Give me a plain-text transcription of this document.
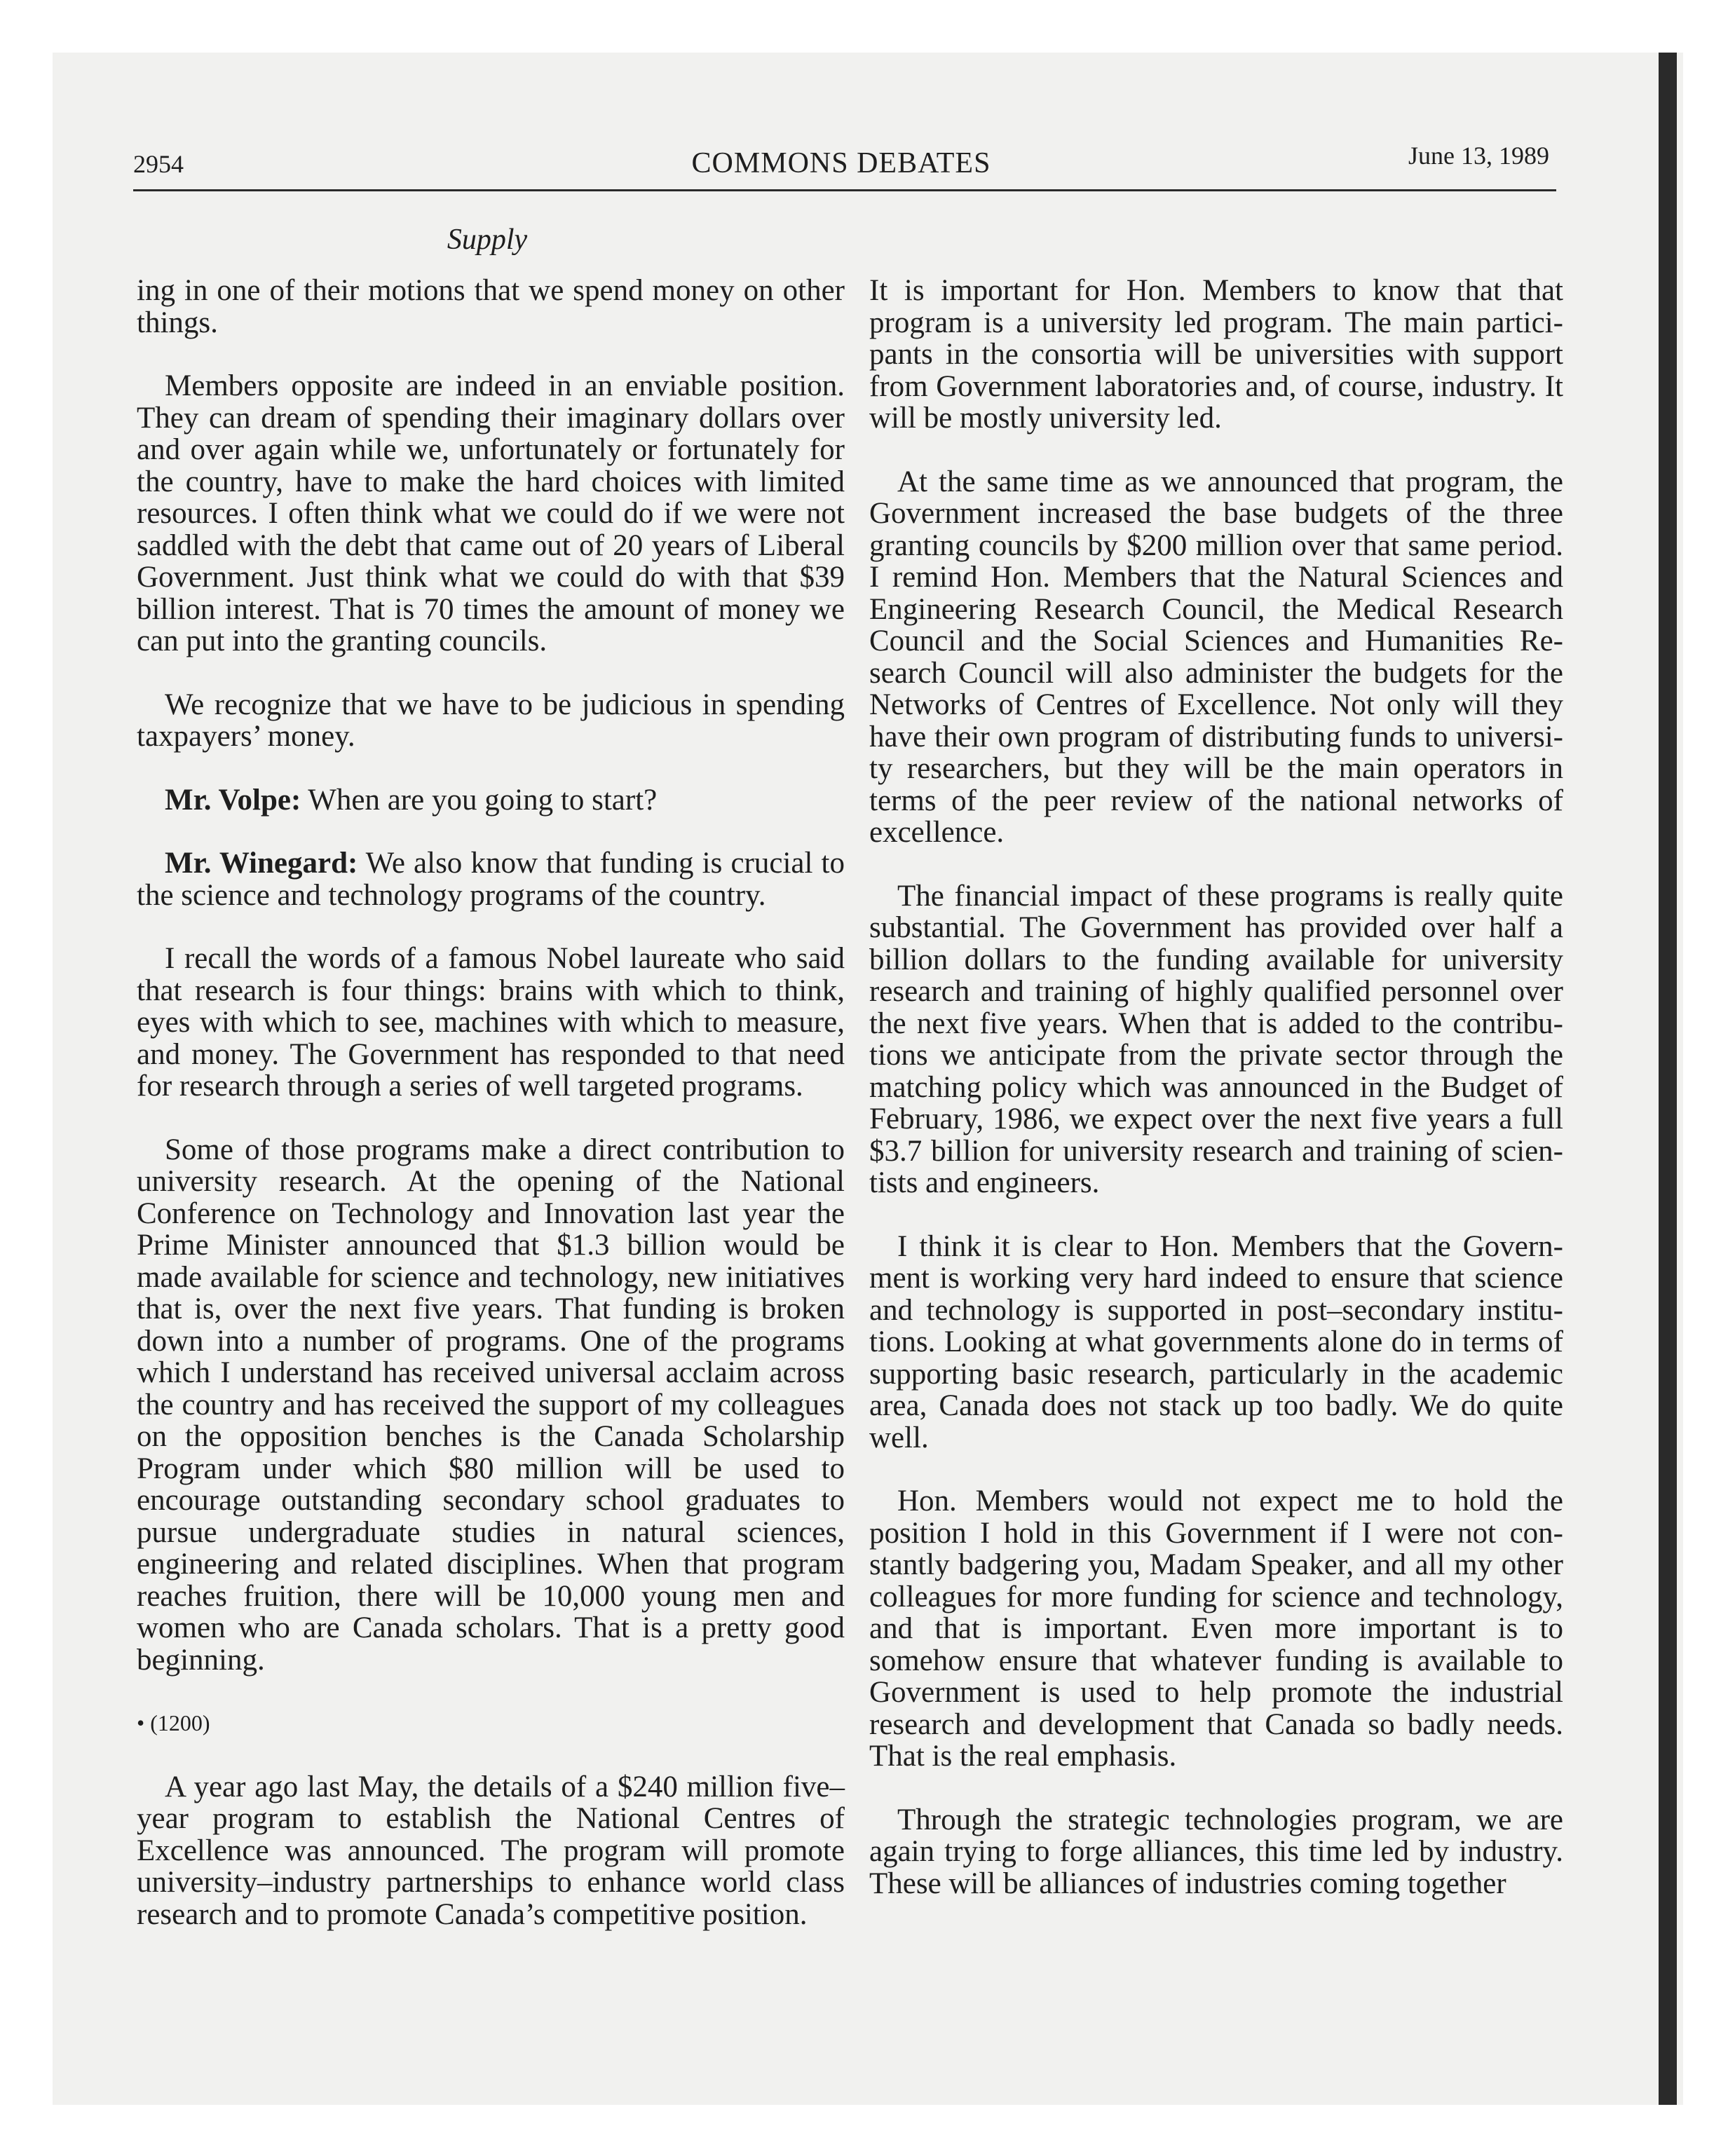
2954	COMMONS DEBATES	June 13, 1989
Supply

ing in one of their motions that we spend money on other things.

Members opposite are indeed in an enviable position. They can dream of spending their imaginary dollars over and over again while we, unfortunately or fortunately for the country, have to make the hard choices with limited resources. I often think what we could do if we were not saddled with the debt that came out of 20 years of Liberal Government. Just think what we could do with that $39 billion interest. That is 70 times the amount of money we can put into the granting councils.

We recognize that we have to be judicious in spending taxpayers’ money.

Mr. Volpe: When are you going to start?

Mr. Winegard: We also know that funding is crucial to the science and technology programs of the country.

I recall the words of a famous Nobel laureate who said that research is four things: brains with which to think, eyes with which to see, machines with which to measure, and money. The Government has responded to that need for research through a series of well targeted programs.

Some of those programs make a direct contribution to university research. At the opening of the National Conference on Technology and Innovation last year the Prime Minister announced that $1.3 billion would be made available for science and technology, new initiatives that is, over the next five years. That funding is broken down into a number of programs. One of the programs which I understand has received universal acclaim across the country and has received the support of my colleagues on the opposition benches is the Canada Scholarship Program under which $80 million will be used to encourage outstanding secondary school graduates to pursue undergraduate studies in natural sciences, engineering and related disciplines. When that program reaches fruition, there will be 10,000 young men and women who are Canada scholars. That is a pretty good beginning.

• (1200)

A year ago last May, the details of a $240 million five–year program to establish the National Centres of Excellence was announced. The program will promote university–industry partnerships to enhance world class research and to promote Canada’s competitive position.

It is important for Hon. Members to know that that program is a university led program. The main participants in the consortia will be universities with support from Government laboratories and, of course, industry. It will be mostly university led.

At the same time as we announced that program, the Government increased the base budgets of the three granting councils by $200 million over that same period. I remind Hon. Members that the Natural Sciences and Engineering Research Council, the Medical Research Council and the Social Sciences and Humanities Research Council will also administer the budgets for the Networks of Centres of Excellence. Not only will they have their own program of distributing funds to university researchers, but they will be the main operators in terms of the peer review of the national networks of excellence.

The financial impact of these programs is really quite substantial. The Government has provided over half a billion dollars to the funding available for university research and training of highly qualified personnel over the next five years. When that is added to the contributions we anticipate from the private sector through the matching policy which was announced in the Budget of February, 1986, we expect over the next five years a full $3.7 billion for university research and training of scientists and engineers.

I think it is clear to Hon. Members that the Government is working very hard indeed to ensure that science and technology is supported in post–secondary institutions. Looking at what governments alone do in terms of supporting basic research, particularly in the academic area, Canada does not stack up too badly. We do quite well.

Hon. Members would not expect me to hold the position I hold in this Government if I were not constantly badgering you, Madam Speaker, and all my other colleagues for more funding for science and technology, and that is important. Even more important is to somehow ensure that whatever funding is available to Government is used to help promote the industrial research and development that Canada so badly needs. That is the real emphasis.

Through the strategic technologies program, we are again trying to forge alliances, this time led by industry. These will be alliances of industries coming together
